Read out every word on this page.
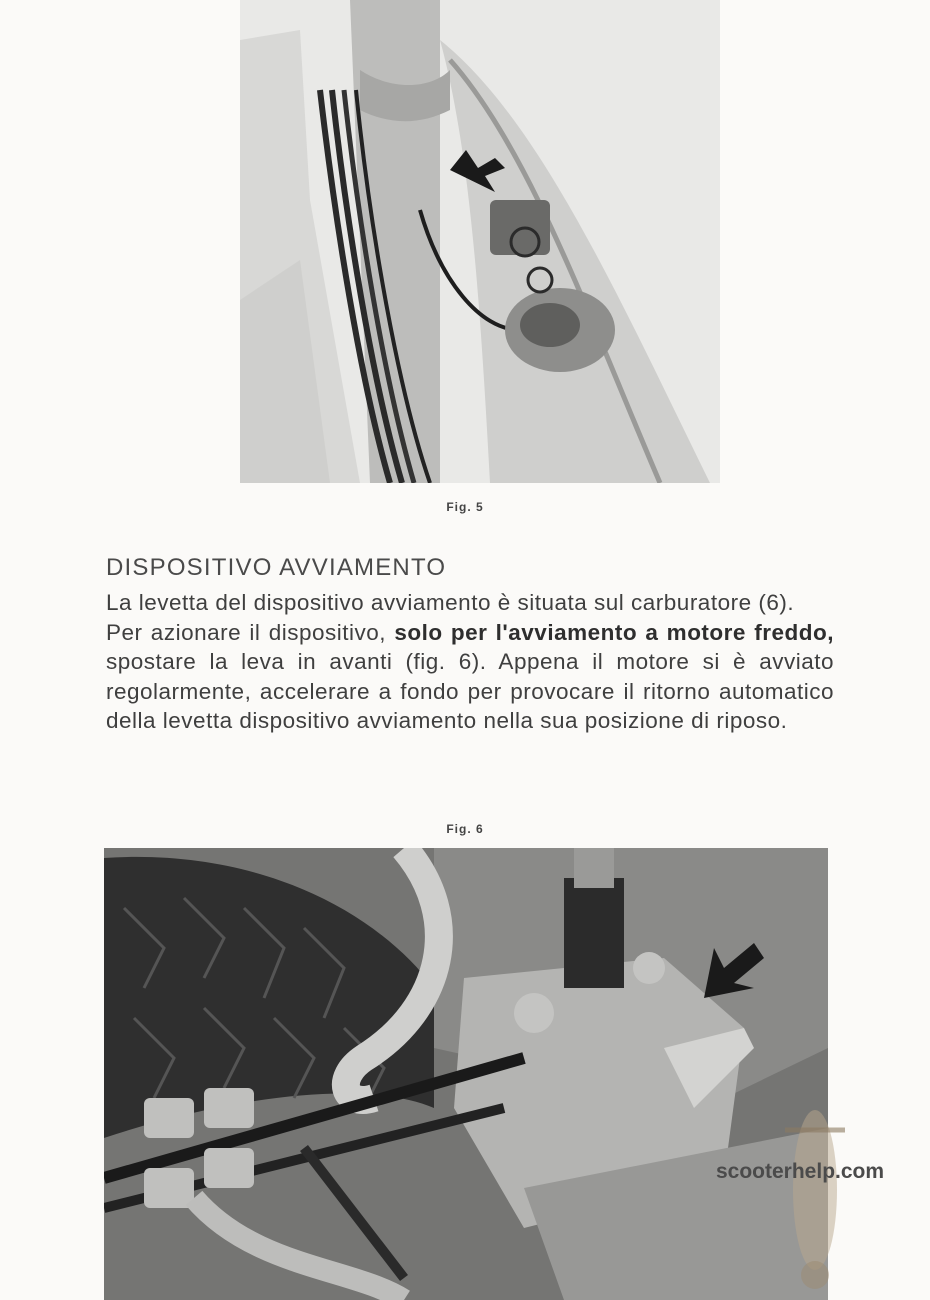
Fig. 5
DISPOSITIVO AVVIAMENTO

La levetta del dispositivo avviamento è situata sul carburatore (6).

Per azionare il dispositivo, solo per l'avviamento a motore freddo, spostare la leva in avanti (fig. 6). Appena il motore si è avviato regolarmente, accelerare a fondo per provocare il ritorno automatico della levetta dispositivo avviamento nella sua posizione di riposo.

Fig. 6
scooterhelp.com
